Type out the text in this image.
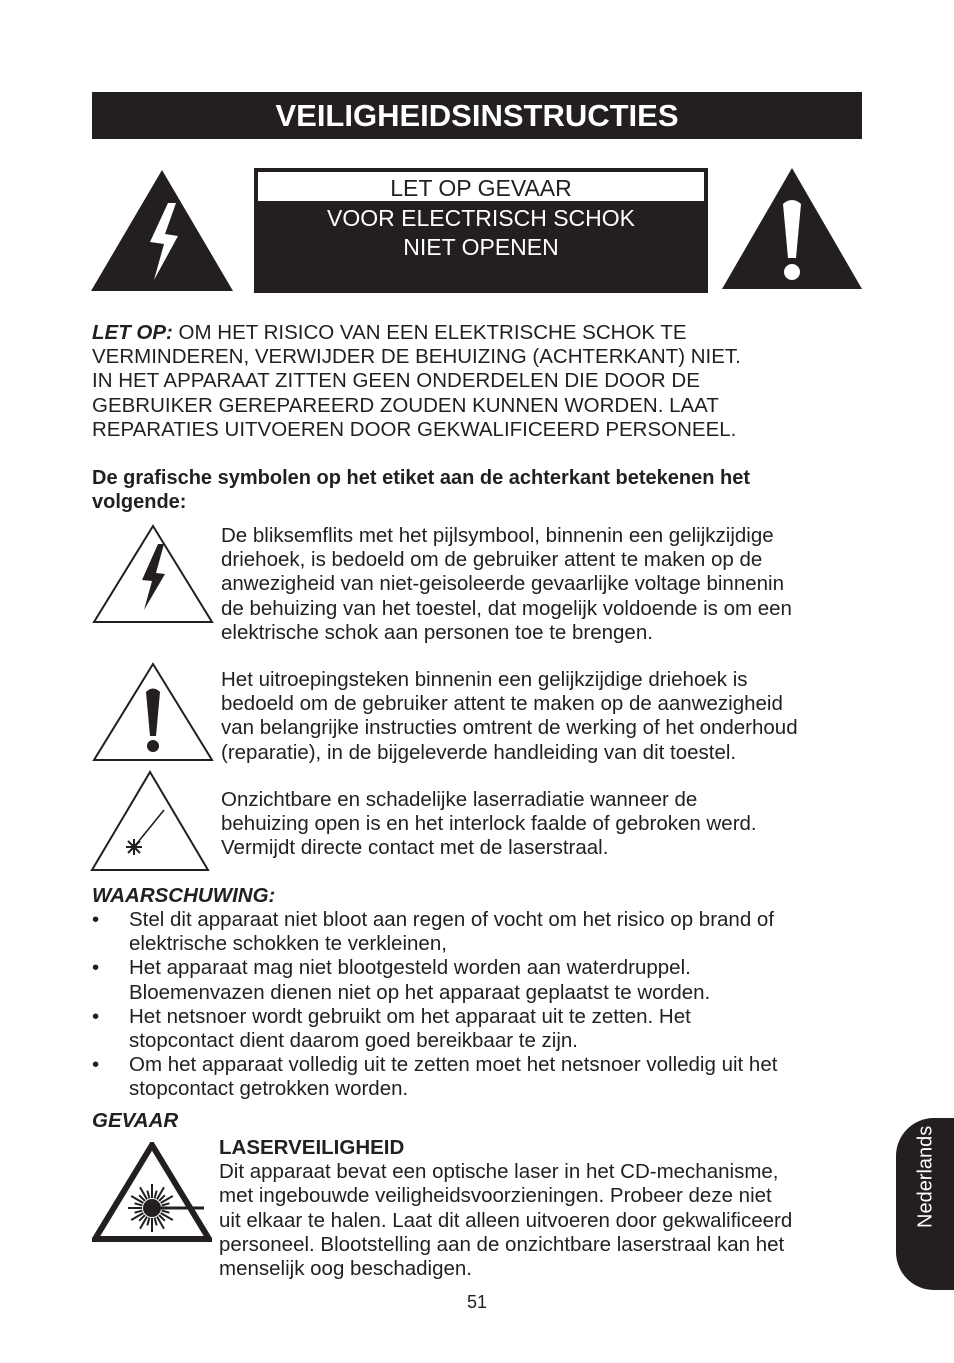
VEILIGHEIDSINSTRUCTIES
LET OP GEVAAR
VOOR ELECTRISCH SCHOK
NIET OPENEN
LET OP: OM HET RISICO VAN EEN ELEKTRISCHE SCHOK TE
VERMINDEREN, VERWIJDER DE BEHUIZING (ACHTERKANT) NIET.
IN HET APPARAAT ZITTEN GEEN ONDERDELEN DIE DOOR DE
GEBRUIKER GEREPAREERD ZOUDEN KUNNEN WORDEN. LAAT
REPARATIES UITVOEREN DOOR GEKWALIFICEERD PERSONEEL.
De grafische symbolen op het etiket aan de achterkant betekenen het
volgende:
De bliksemflits met het pijlsymbool, binnenin een gelijkzijdige
driehoek, is bedoeld om de gebruiker attent te maken op de
anwezigheid van niet-geisoleerde gevaarlijke voltage binnenin
de behuizing van het toestel, dat mogelijk voldoende is om een
elektrische schok aan personen toe te brengen.
Het uitroepingsteken binnenin een gelijkzijdige driehoek is
bedoeld om de gebruiker attent te maken op de aanwezigheid
van belangrijke instructies omtrent de werking of het onderhoud
(reparatie), in de bijgeleverde handleiding van dit toestel.
Onzichtbare en schadelijke laserradiatie wanneer de
behuizing open is en het interlock faalde of gebroken werd.
Vermijdt directe contact met de laserstraal.
WAARSCHUWING:
• Stel dit apparaat niet bloot aan regen of vocht om het risico op brand of
elektrische schokken te verkleinen,
• Het apparaat mag niet blootgesteld worden aan waterdruppel.
Bloemenvazen dienen niet op het apparaat geplaatst te worden.
• Het netsnoer wordt gebruikt om het apparaat uit te zetten. Het
stopcontact dient daarom goed bereikbaar te zijn.
• Om het apparaat volledig uit te zetten moet het netsnoer volledig uit het
stopcontact getrokken worden.
GEVAAR
LASERVEILIGHEID
Dit apparaat bevat een optische laser in het CD-mechanisme,
met ingebouwde veiligheidsvoorzieningen. Probeer deze niet
uit elkaar te halen. Laat dit alleen uitvoeren door gekwalificeerd
personeel. Blootstelling aan de onzichtbare laserstraal kan het
menselijk oog beschadigen.
51
Nederlands
